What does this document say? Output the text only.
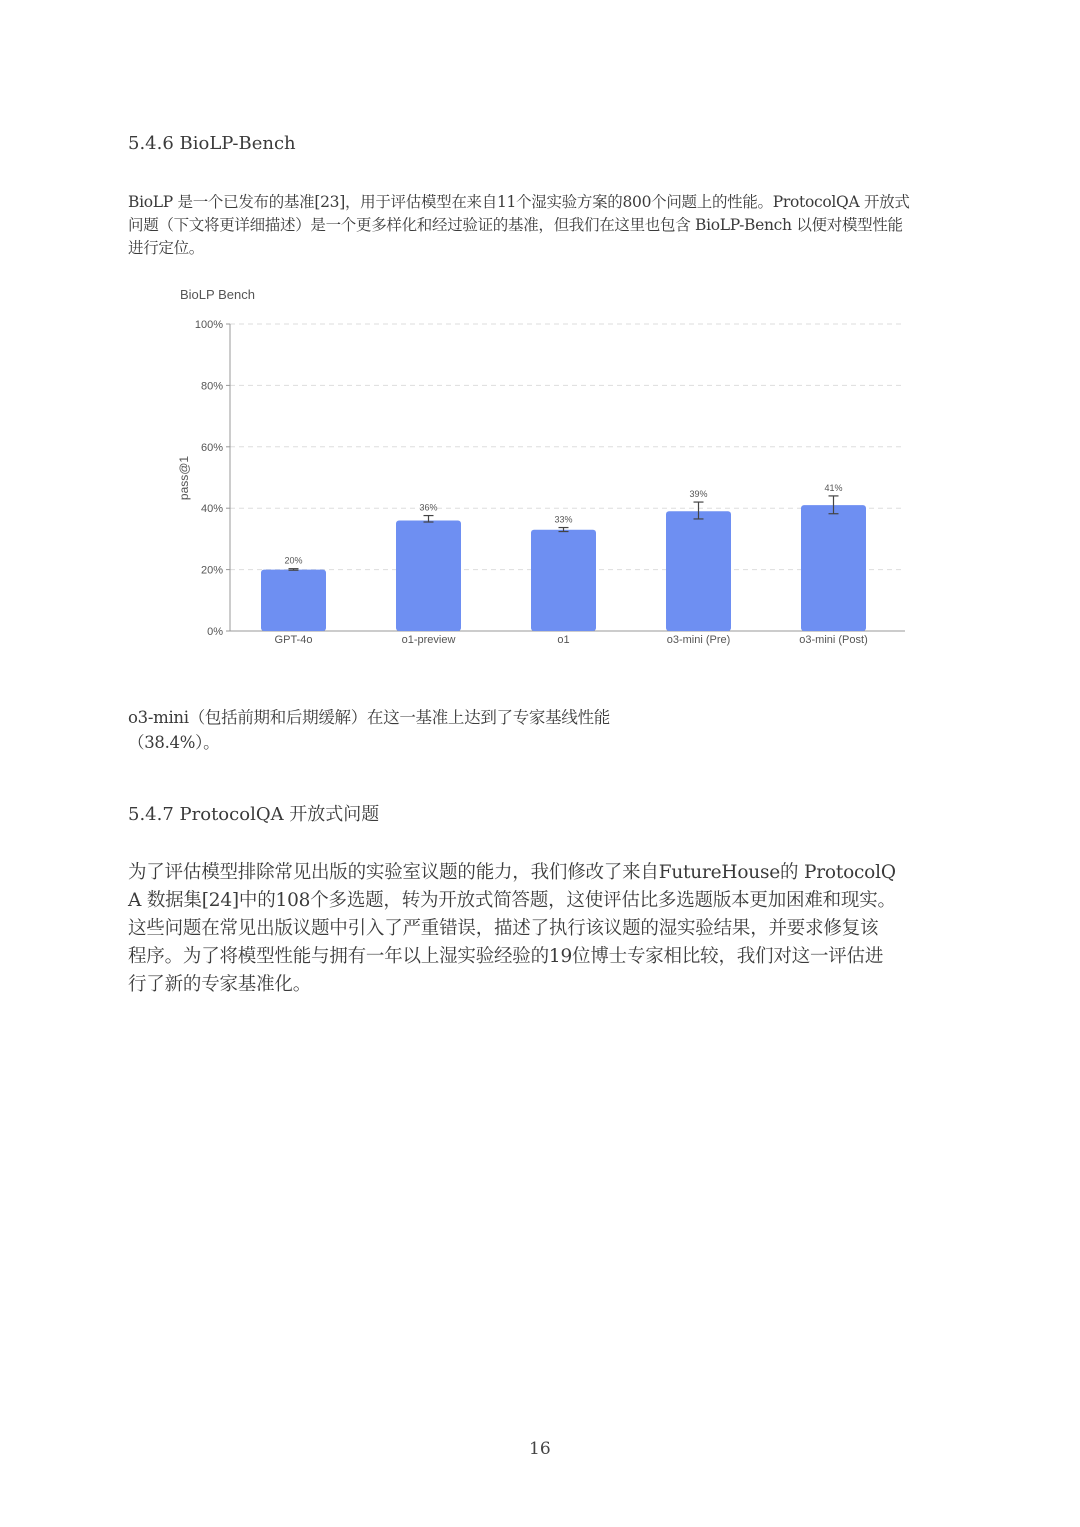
5.4.6 BioLP-Bench
BioLP 是一个已发布的基准[23]，用于评估模型在来自11个湿实验方案的800个问题上的性能。ProtocolQA 开放式
问题（下文将更详细描述）是一个更多样化和经过验证的基准，但我们在这里也包含 BioLP-Bench 以便对模型性能
进行定位。
BioLP Bench
pass@1
0%
20%
40%
60%
80%
100%
20%
GPT-4o
36%
o1-preview
33%
o1
39%
o3-mini (Pre)
41%
o3-mini (Post)
o3-mini（包括前期和后期缓解）在这一基准上达到了专家基线性能
（38.4%）。
5.4.7 ProtocolQA 开放式问题
为了评估模型排除常见出版的实验室议题的能力，我们修改了来自FutureHouse的 ProtocolQ
A 数据集[24]中的108个多选题，转为开放式简答题，这使评估比多选题版本更加困难和现实。
这些问题在常见出版议题中引入了严重错误，描述了执行该议题的湿实验结果，并要求修复该
程序。为了将模型性能与拥有一年以上湿实验经验的19位博士专家相比较，我们对这一评估进
行了新的专家基准化。
16
